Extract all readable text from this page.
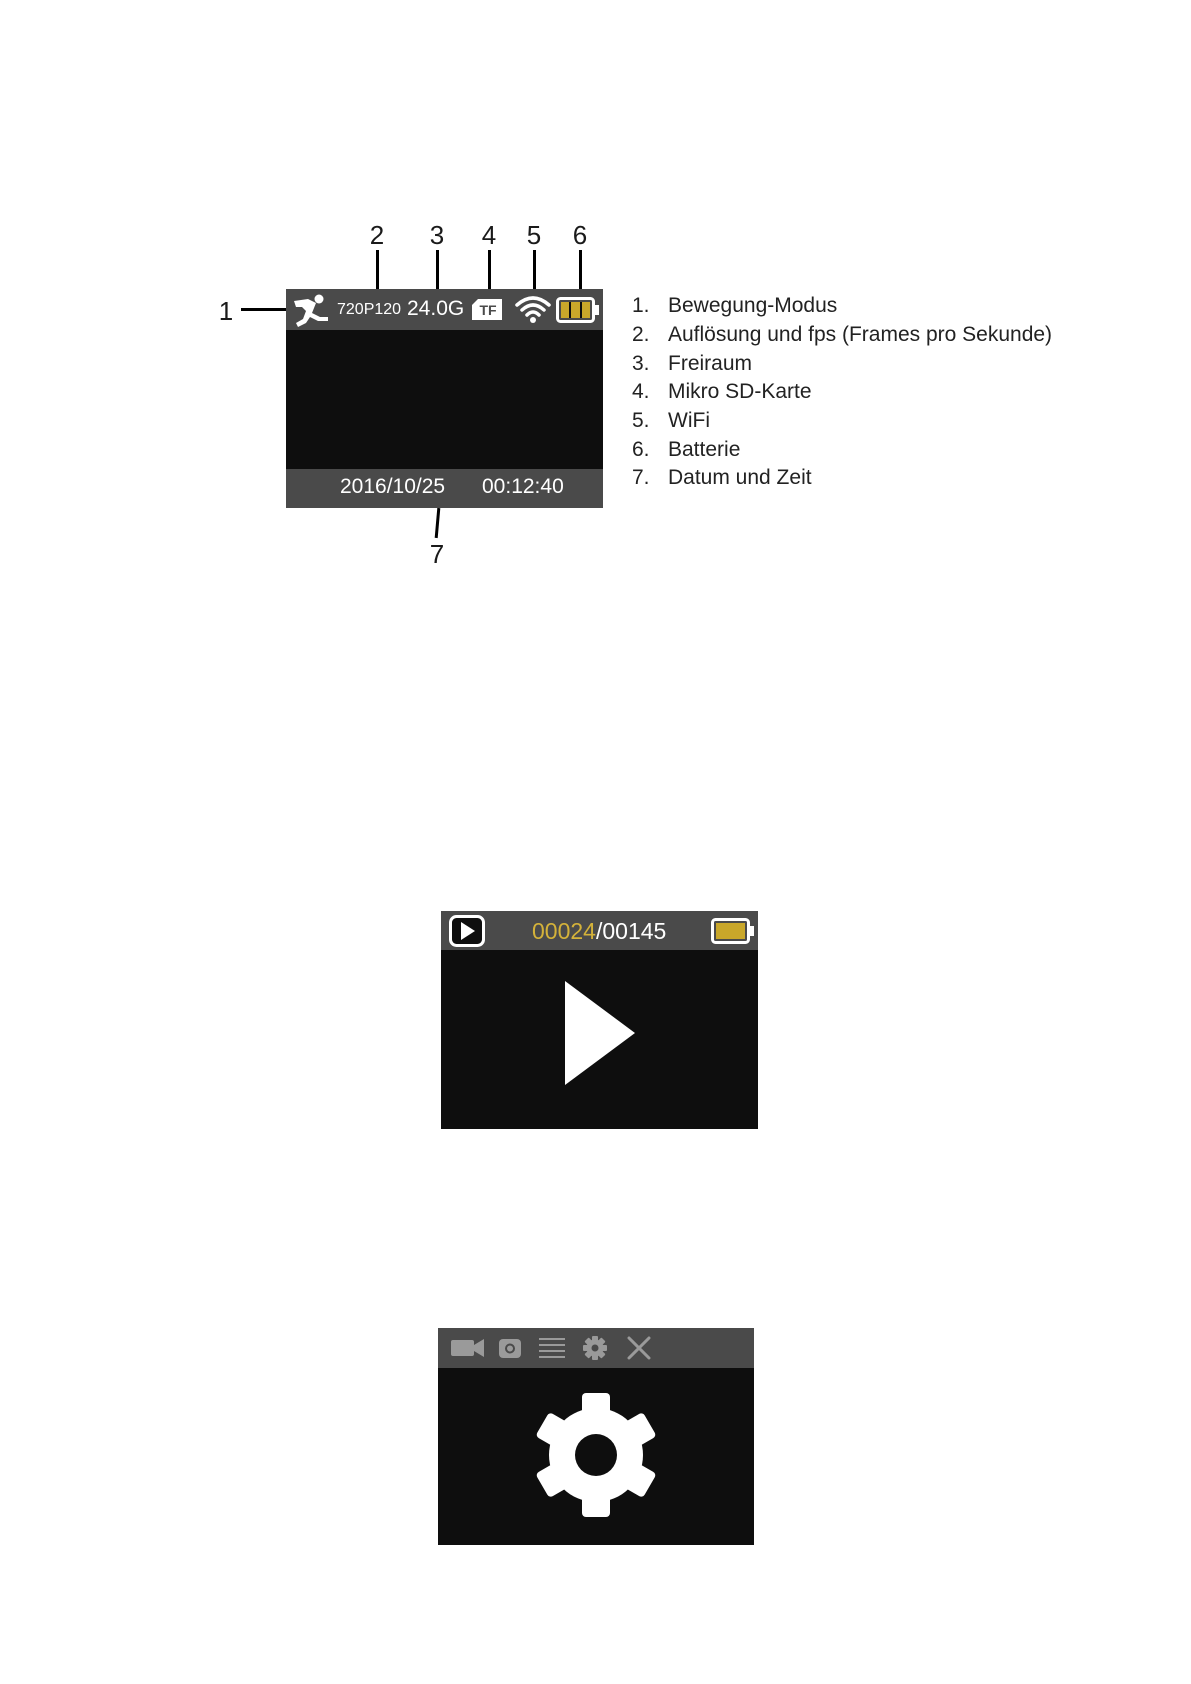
1
2 3 4 5 6
7
720P120 24.0G TF
2016/10/25 00:12:40
1. Bewegung-Modus
2. Auflösung und fps (Frames pro Sekunde)
3. Freiraum
4. Mikro SD-Karte
5. WiFi
6. Batterie
7. Datum und Zeit
00024/00145
